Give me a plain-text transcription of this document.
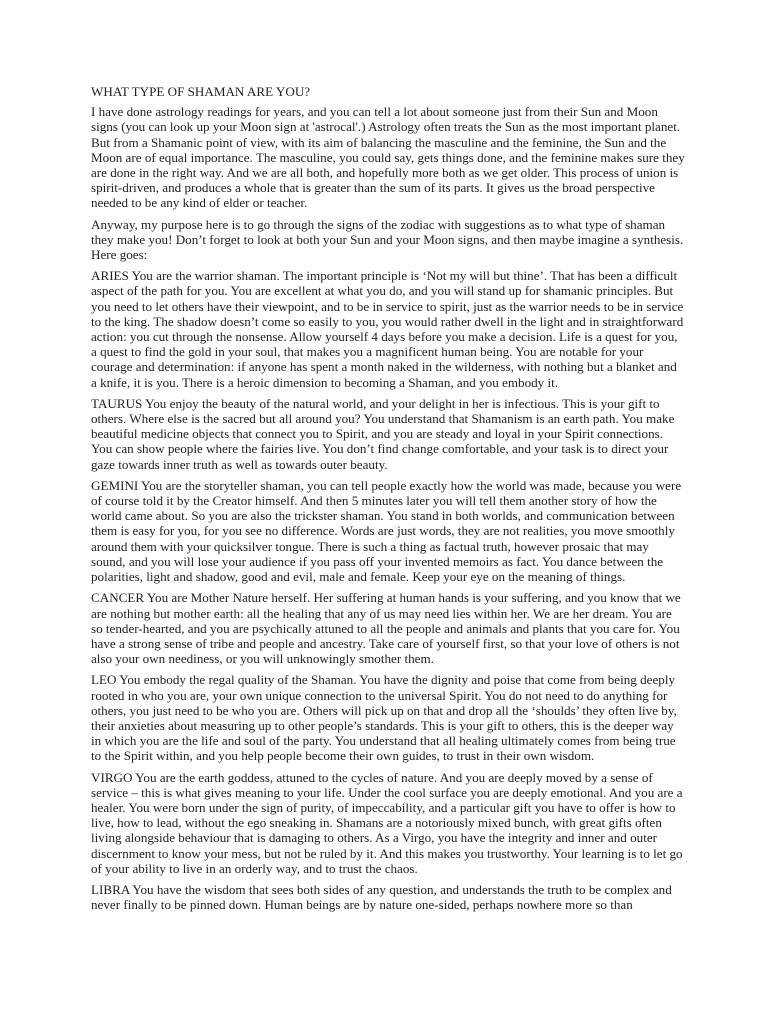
WHAT TYPE OF SHAMAN ARE YOU?

I have done astrology readings for years, and you can tell a lot about someone just from their Sun and Moon signs (you can look up your Moon sign at 'astrocal'.) Astrology often treats the Sun as the most important planet. But from a Shamanic point of view, with its aim of balancing the masculine and the feminine, the Sun and the Moon are of equal importance. The masculine, you could say, gets things done, and the feminine makes sure they are done in the right way. And we are all both, and hopefully more both as we get older. This process of union is spirit-driven, and produces a whole that is greater than the sum of its parts. It gives us the broad perspective needed to be any kind of elder or teacher.

Anyway, my purpose here is to go through the signs of the zodiac with suggestions as to what type of shaman they make you! Don’t forget to look at both your Sun and your Moon signs, and then maybe imagine a synthesis. Here goes:

ARIES You are the warrior shaman. The important principle is ‘Not my will but thine’. That has been a difficult aspect of the path for you. You are excellent at what you do, and you will stand up for shamanic principles. But you need to let others have their viewpoint, and to be in service to spirit, just as the warrior needs to be in service to the king. The shadow doesn’t come so easily to you, you would rather dwell in the light and in straightforward action: you cut through the nonsense. Allow yourself 4 days before you make a decision. Life is a quest for you, a quest to find the gold in your soul, that makes you a magnificent human being. You are notable for your courage and determination: if anyone has spent a month naked in the wilderness, with nothing but a blanket and a knife, it is you. There is a heroic dimension to becoming a Shaman, and you embody it.

TAURUS You enjoy the beauty of the natural world, and your delight in her is infectious. This is your gift to others. Where else is the sacred but all around you? You understand that Shamanism is an earth path. You make beautiful medicine objects that connect you to Spirit, and you are steady and loyal in your Spirit connections. You can show people where the fairies live. You don’t find change comfortable, and your task is to direct your gaze towards inner truth as well as towards outer beauty.

GEMINI You are the storyteller shaman, you can tell people exactly how the world was made, because you were of course told it by the Creator himself. And then 5 minutes later you will tell them another story of how the world came about. So you are also the trickster shaman. You stand in both worlds, and communication between them is easy for you, for you see no difference. Words are just words, they are not realities, you move smoothly around them with your quicksilver tongue. There is such a thing as factual truth, however prosaic that may sound, and you will lose your audience if you pass off your invented memoirs as fact. You dance between the polarities, light and shadow, good and evil, male and female. Keep your eye on the meaning of things.

CANCER You are Mother Nature herself. Her suffering at human hands is your suffering, and you know that we are nothing but mother earth: all the healing that any of us may need lies within her. We are her dream. You are so tender-hearted, and you are psychically attuned to all the people and animals and plants that you care for. You have a strong sense of tribe and people and ancestry. Take care of yourself first, so that your love of others is not also your own neediness, or you will unknowingly smother them.

LEO You embody the regal quality of the Shaman. You have the dignity and poise that come from being deeply rooted in who you are, your own unique connection to the universal Spirit. You do not need to do anything for others, you just need to be who you are. Others will pick up on that and drop all the ‘shoulds’ they often live by, their anxieties about measuring up to other people’s standards. This is your gift to others, this is the deeper way in which you are the life and soul of the party. You understand that all healing ultimately comes from being true to the Spirit within, and you help people become their own guides, to trust in their own wisdom.

VIRGO You are the earth goddess, attuned to the cycles of nature. And you are deeply moved by a sense of service – this is what gives meaning to your life. Under the cool surface you are deeply emotional. And you are a healer. You were born under the sign of purity, of impeccability, and a particular gift you have to offer is how to live, how to lead, without the ego sneaking in. Shamans are a notoriously mixed bunch, with great gifts often living alongside behaviour that is damaging to others. As a Virgo, you have the integrity and inner and outer discernment to know your mess, but not be ruled by it. And this makes you trustworthy. Your learning is to let go of your ability to live in an orderly way, and to trust the chaos.

LIBRA You have the wisdom that sees both sides of any question, and understands the truth to be complex and never finally to be pinned down. Human beings are by nature one-sided, perhaps nowhere more so than
